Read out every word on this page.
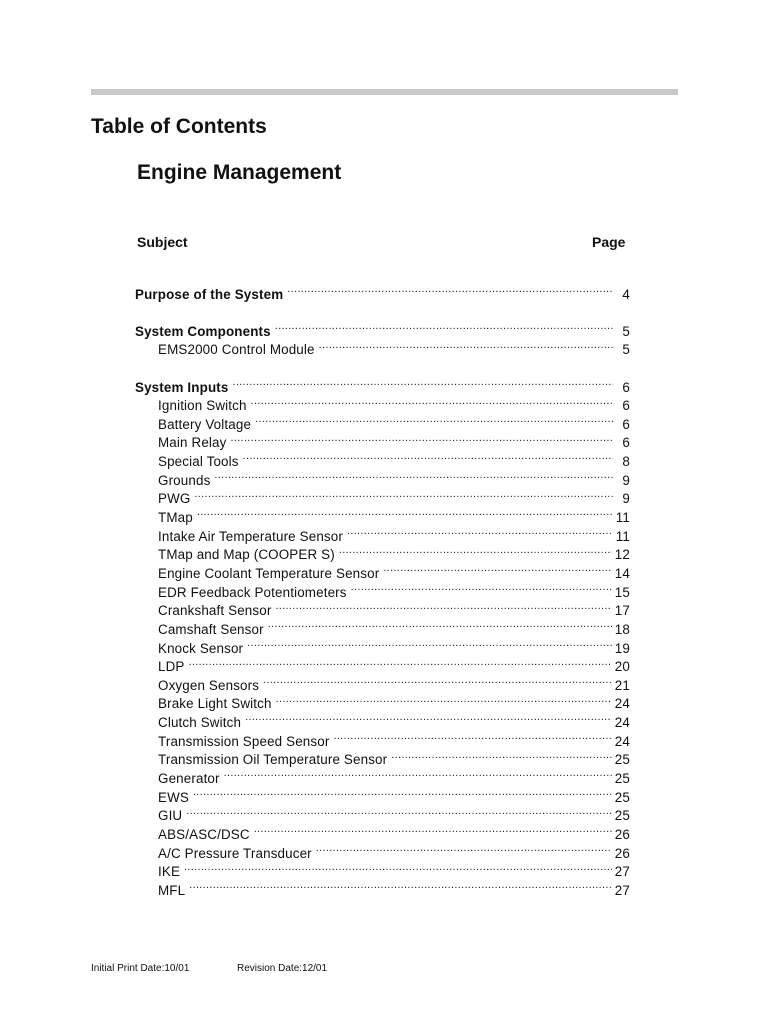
Table of Contents
Engine Management
Subject	Page
Purpose of the System .....	4
System Components .....	5
EMS2000 Control Module .....	5
System Inputs .....	6
Ignition Switch .....	6
Battery Voltage .....	6
Main Relay .....	6
Special Tools .....	8
Grounds .....	9
PWG .....	9
TMap .....	11
Intake Air Temperature Sensor .....	11
TMap and Map (COOPER S) .....	12
Engine Coolant Temperature Sensor .....	14
EDR Feedback Potentiometers .....	15
Crankshaft Sensor .....	17
Camshaft Sensor .....	18
Knock Sensor .....	19
LDP .....	20
Oxygen Sensors .....	21
Brake Light Switch .....	24
Clutch Switch .....	24
Transmission Speed Sensor .....	24
Transmission Oil Temperature Sensor .....	25
Generator .....	25
EWS .....	25
GIU .....	25
ABS/ASC/DSC .....	26
A/C Pressure Transducer .....	26
IKE .....	27
MFL .....	27
Initial Print Date:10/01	Revision Date:12/01
